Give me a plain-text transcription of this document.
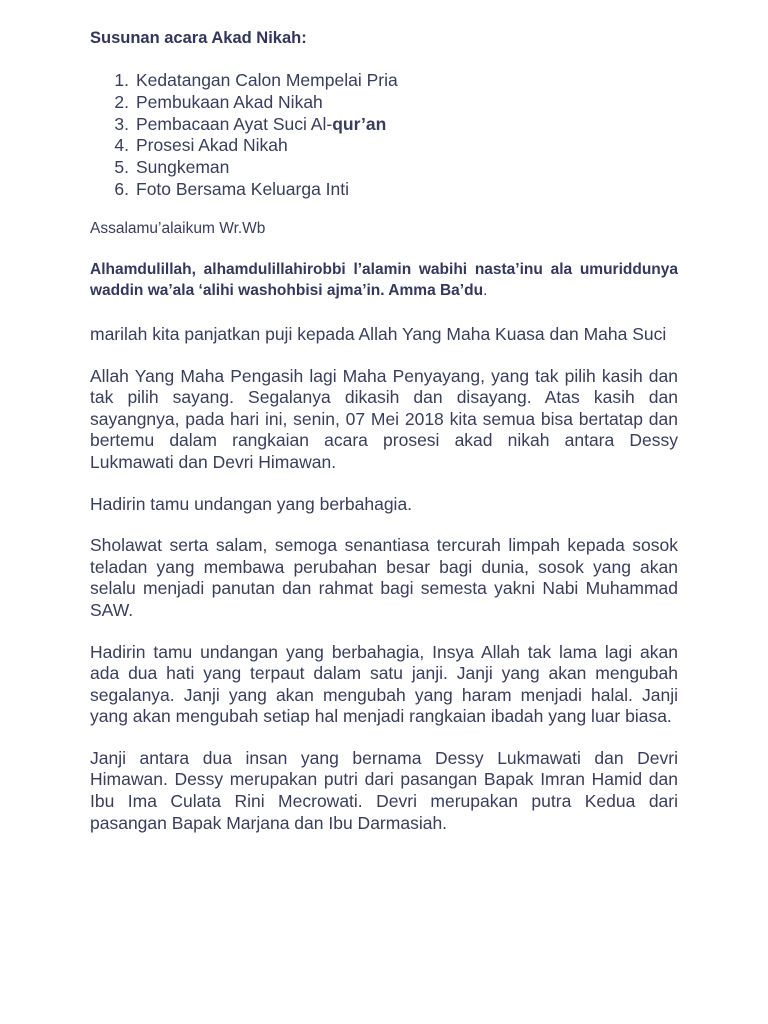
Susunan acara Akad Nikah:

1. Kedatangan Calon Mempelai Pria
2. Pembukaan Akad Nikah
3. Pembacaan Ayat Suci Al-qur’an
4. Prosesi Akad Nikah
5. Sungkeman
6. Foto Bersama Keluarga Inti

Assalamu’alaikum Wr.Wb

Alhamdulillah, alhamdulillahirobbi l’alamin wabihi nasta’inu ala umuriddunya waddin wa’ala ‘alihi washohbisi ajma’in. Amma Ba’du.

marilah kita panjatkan puji kepada Allah Yang Maha Kuasa dan Maha Suci

Allah Yang Maha Pengasih lagi Maha Penyayang, yang tak pilih kasih dan tak pilih sayang. Segalanya dikasih dan disayang. Atas kasih dan sayangnya, pada hari ini, senin, 07 Mei 2018 kita semua bisa bertatap dan bertemu dalam rangkaian acara prosesi akad nikah antara Dessy Lukmawati dan Devri Himawan.

Hadirin tamu undangan yang berbahagia.

Sholawat serta salam, semoga senantiasa tercurah limpah kepada sosok teladan yang membawa perubahan besar bagi dunia, sosok yang akan selalu menjadi panutan dan rahmat bagi semesta yakni Nabi Muhammad SAW.

Hadirin tamu undangan yang berbahagia, Insya Allah tak lama lagi akan ada dua hati yang terpaut dalam satu janji. Janji yang akan mengubah segalanya. Janji yang akan mengubah yang haram menjadi halal. Janji yang akan mengubah setiap hal menjadi rangkaian ibadah yang luar biasa.

Janji antara dua insan yang bernama Dessy Lukmawati dan Devri Himawan. Dessy merupakan putri dari pasangan Bapak Imran Hamid dan Ibu Ima Culata Rini Mecrowati. Devri merupakan putra Kedua dari pasangan Bapak Marjana dan Ibu Darmasiah.
